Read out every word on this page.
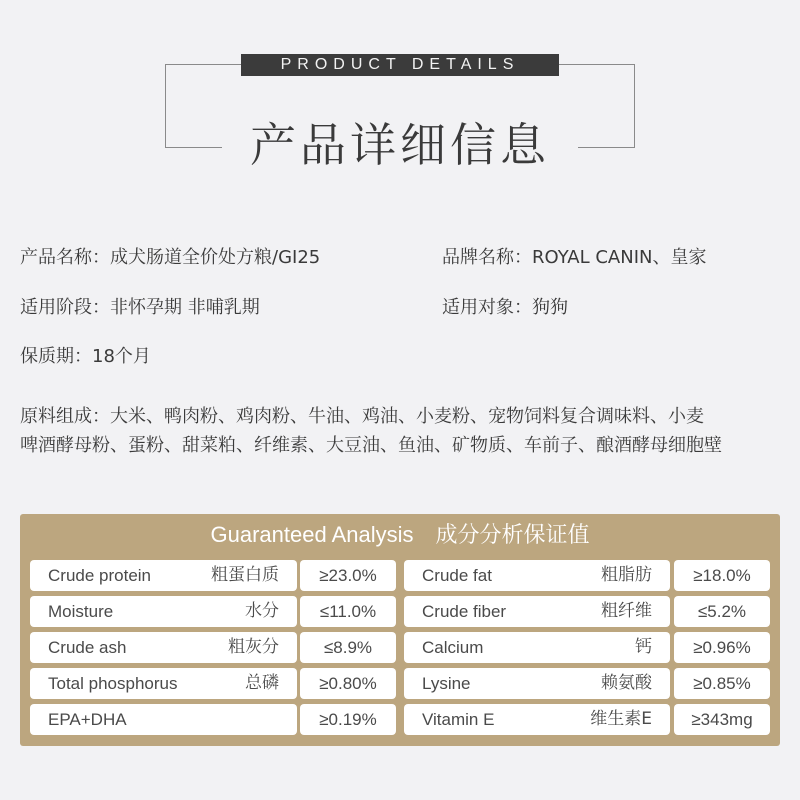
PRODUCT DETAILS
产品详细信息
产品名称：成犬肠道全价处方粮/GI25	品牌名称：ROYAL CANIN、皇家
适用阶段：非怀孕期 非哺乳期	适用对象：狗狗
保质期：18个月
原料组成：大米、鸭肉粉、鸡肉粉、牛油、鸡油、小麦粉、宠物饲料复合调味料、小麦
啤酒酵母粉、蛋粉、甜菜粕、纤维素、大豆油、鱼油、矿物质、车前子、酿酒酵母细胞壁
Guaranteed Analysis　成分分析保证值
Crude protein	粗蛋白质	≥23.0%	Crude fat	粗脂肪	≥18.0%
Moisture	水分	≤11.0%	Crude fiber	粗纤维	≤5.2%
Crude ash	粗灰分	≤8.9%	Calcium	钙	≥0.96%
Total phosphorus	总磷	≥0.80%	Lysine	赖氨酸	≥0.85%
EPA+DHA	≥0.19%	Vitamin E	维生素E	≥343mg
